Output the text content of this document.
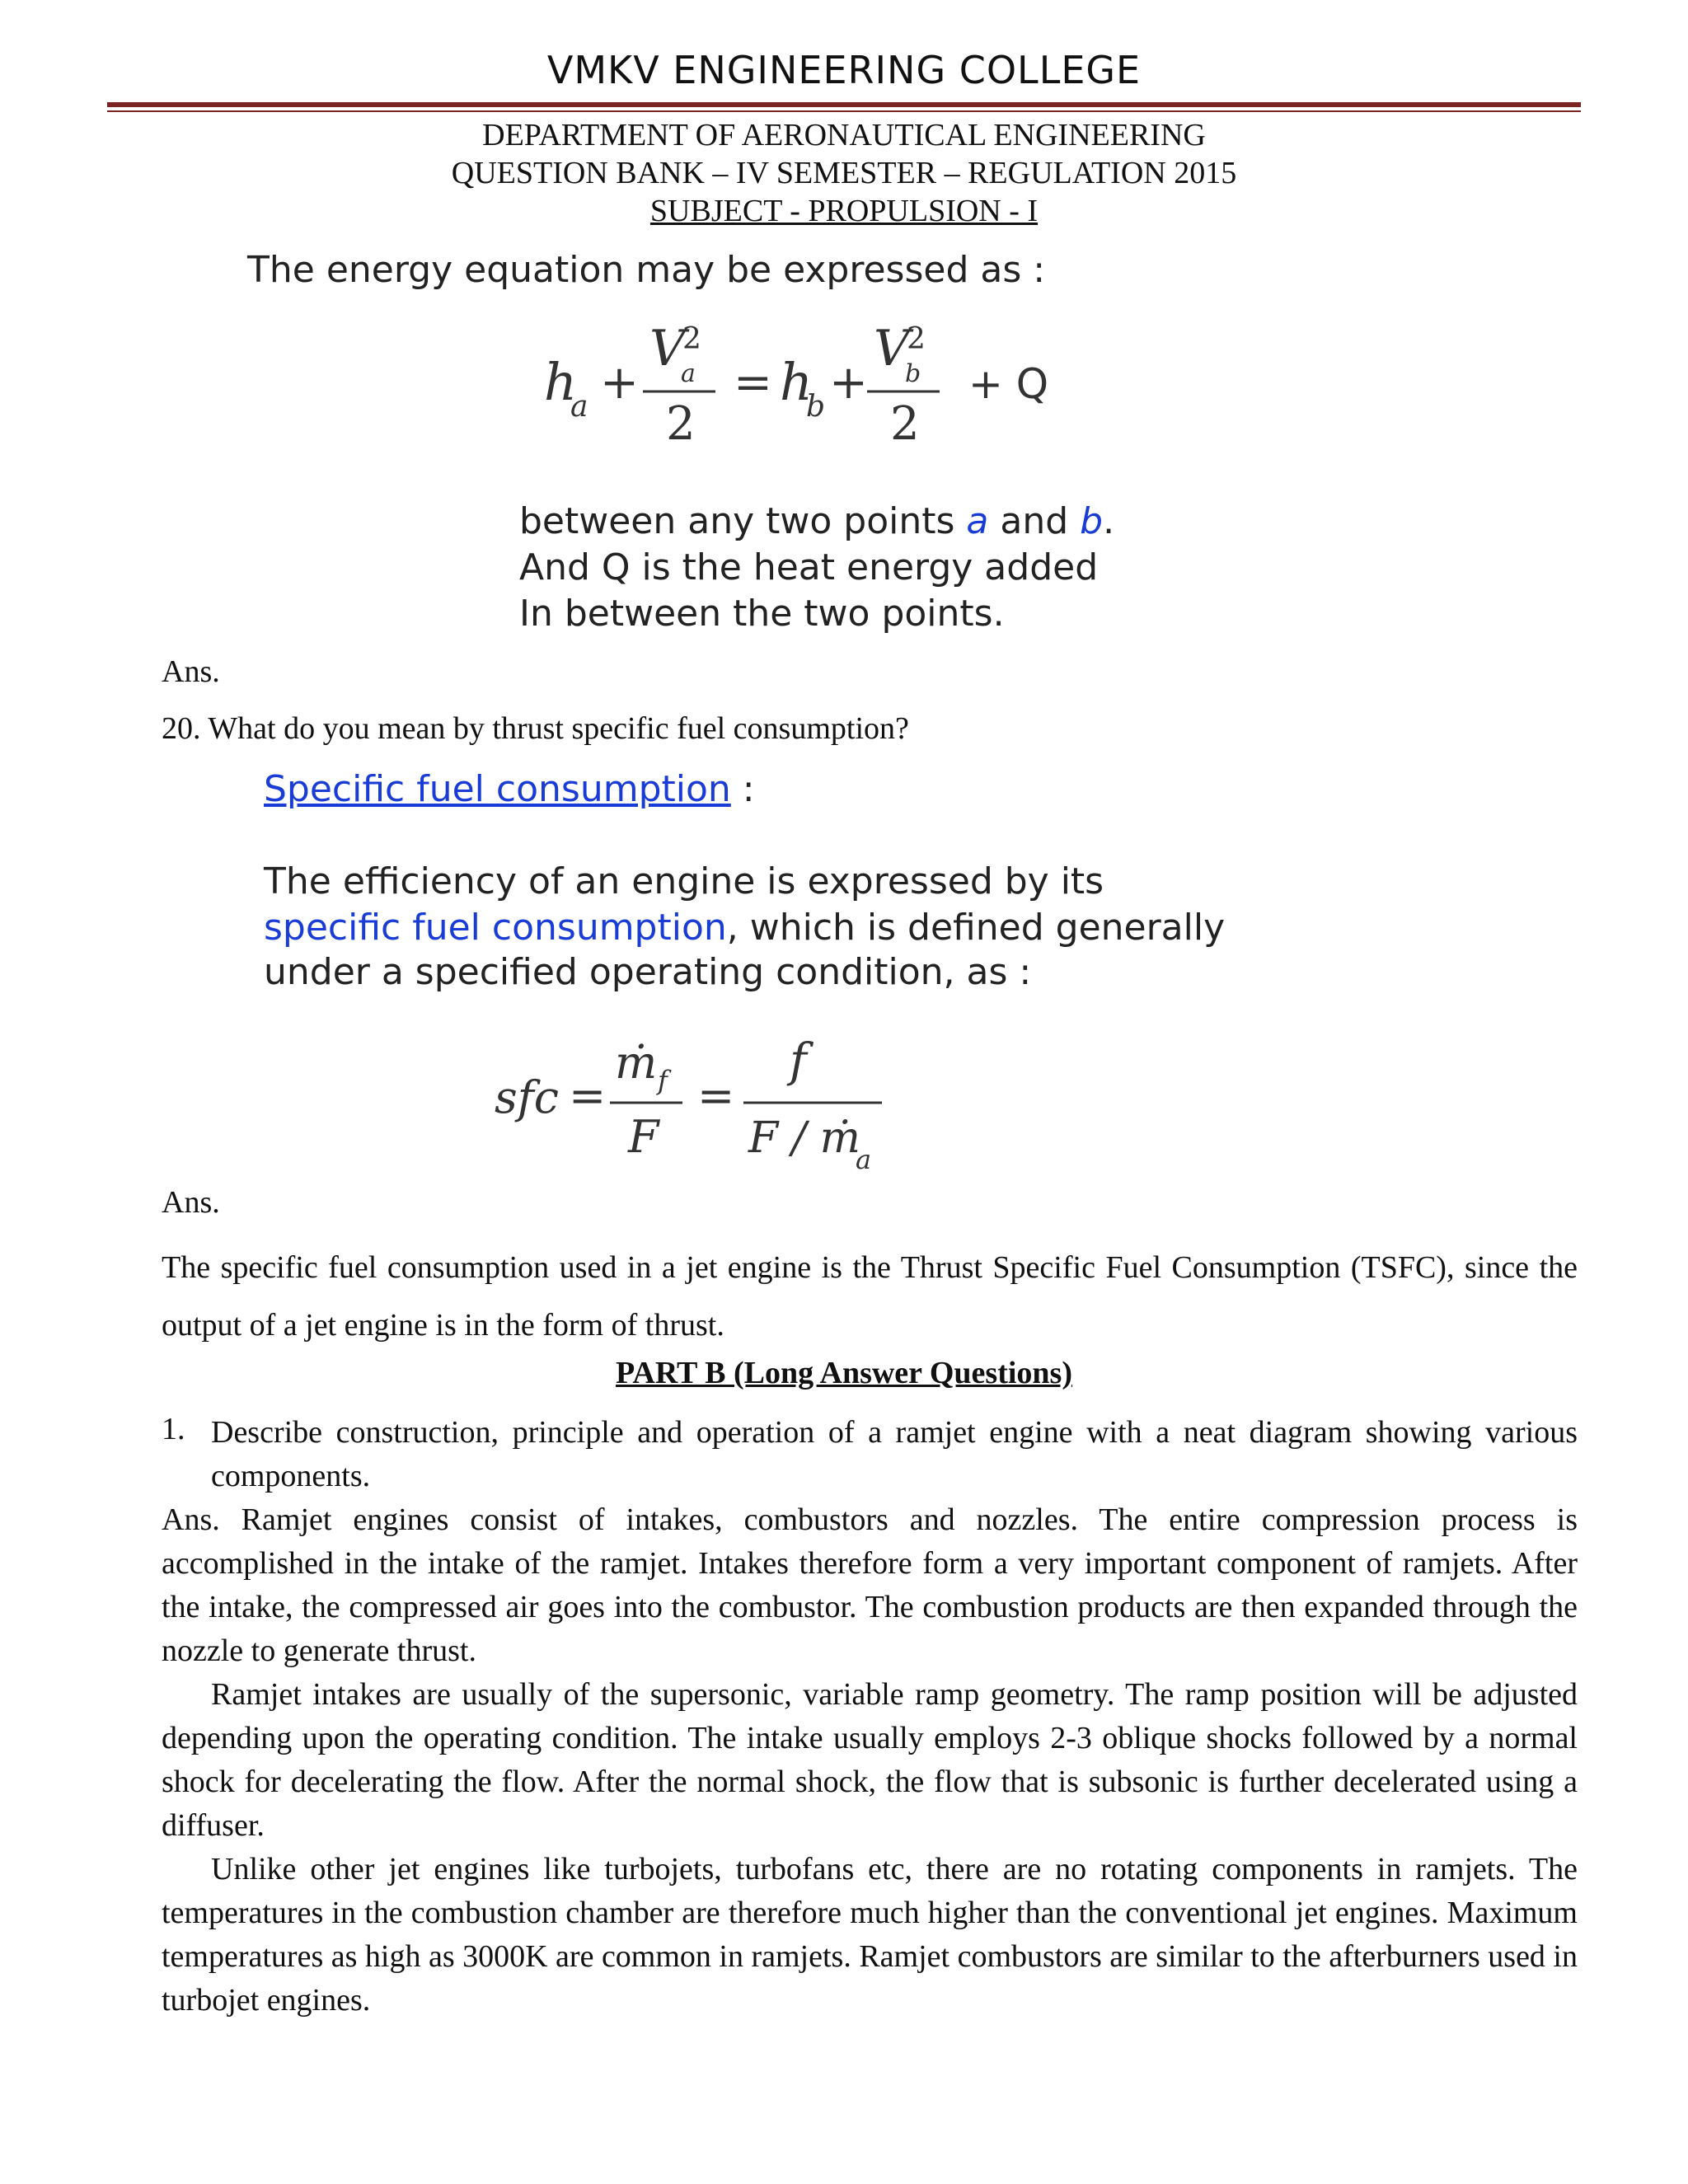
VMKV ENGINEERING COLLEGE
DEPARTMENT OF AERONAUTICAL ENGINEERING
QUESTION BANK – IV SEMESTER – REGULATION 2015
SUBJECT - PROPULSION - I
The energy equation may be expressed as :
h
a +
V
2
a
2
= h
b +
V
2
b
2
+ Q
between any two points a and b.
And Q is the heat energy added
In between the two points.
Ans.
20. What do you mean by thrust specific fuel consumption?
Specific fuel consumption :
The efficiency of an engine is expressed by its
specific fuel consumption, which is defined generally
under a specified operating condition, as :
sfc =
ṁ f
F
=
f
F / ṁ
a
Ans.
The specific fuel consumption used in a jet engine is the Thrust Specific Fuel Consumption (TSFC), since the output of a jet engine is in the form of thrust.
PART B (Long Answer Questions)
1. Describe construction, principle and operation of a ramjet engine with a neat diagram showing various components.
Ans. Ramjet engines consist of intakes, combustors and nozzles. The entire compression process is accomplished in the intake of the ramjet. Intakes therefore form a very important component of ramjets. After the intake, the compressed air goes into the combustor. The combustion products are then expanded through the nozzle to generate thrust.
Ramjet intakes are usually of the supersonic, variable ramp geometry. The ramp position will be adjusted depending upon the operating condition. The intake usually employs 2-3 oblique shocks followed by a normal shock for decelerating the flow. After the normal shock, the flow that is subsonic is further decelerated using a diffuser.
Unlike other jet engines like turbojets, turbofans etc, there are no rotating components in ramjets. The temperatures in the combustion chamber are therefore much higher than the conventional jet engines. Maximum temperatures as high as 3000K are common in ramjets. Ramjet combustors are similar to the afterburners used in turbojet engines.
